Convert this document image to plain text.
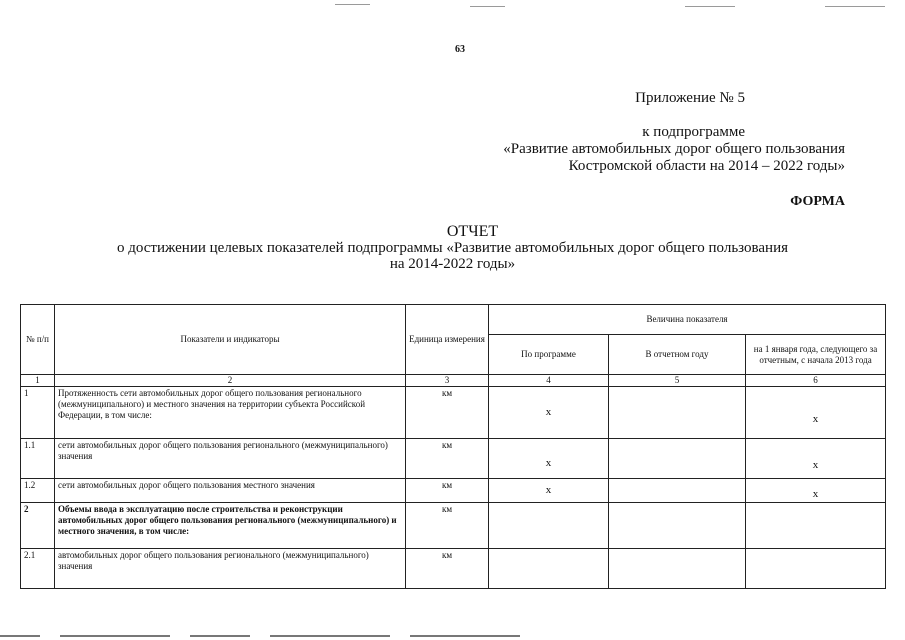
63
Приложение № 5
к подпрограмме
«Развитие автомобильных дорог общего пользования
Костромской области на 2014 – 2022 годы»
ФОРМА
ОТЧЕТ
о достижении целевых показателей подпрограммы «Развитие автомобильных дорог общего пользования
на 2014-2022 годы»
№ п/п	Показатели и индикаторы	Единица измерения	Величина показателя		
			По программе	В отчетном году	на 1 января года, следующего за отчетным, с начала 2013 года
1	2	3	4	5	6
1	Протяженность сети автомобильных дорог общего пользования регионального (межмуниципального) и местного значения на территории субъекта Российской Федерации, в том числе:	км	х		х
1.1	сети автомобильных дорог общего пользования регионального (межмуниципального) значения	км	х		х
1.2	сети автомобильных дорог общего пользования местного значения	км	х		х
2	Объемы ввода в эксплуатацию после строительства и реконструкции автомобильных дорог общего пользования регионального (межмуниципального) и местного значения, в том числе:	км			
2.1	автомобильных дорог общего пользования регионального (межмуниципального) значения	км			
